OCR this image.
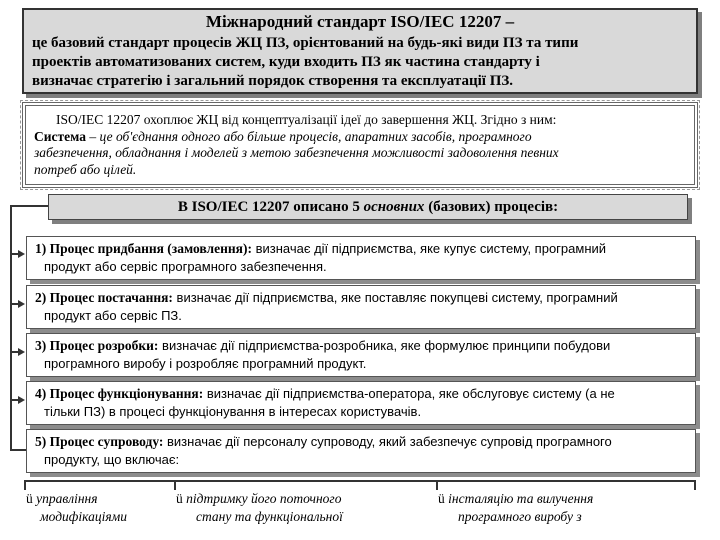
Міжнародний стандарт ISO/IEC 12207 –
це базовий стандарт процесів ЖЦ ПЗ, орієнтований на будь-які види ПЗ та типи
проектів автоматизованих систем, куди входить ПЗ як частина стандарту і
визначає стратегію і загальний порядок створення та експлуатації ПЗ.
ISO/IEC 12207 охоплює ЖЦ від концептуалізації ідеї до завершення ЖЦ. Згідно з ним:
Система – це об'єднання одного або більше процесів, апаратних засобів, програмного
забезпечення, обладнання і моделей з метою забезпечення можливості задоволення певних
потреб або цілей.
В ISO/IEC 12207 описано 5 основних (базових) процесів:
1) Процес придбання (замовлення): визначає дії підприємства, яке купує систему, програмний
продукт або сервіс програмного забезпечення.
2) Процес постачання: визначає дії підприємства, яке поставляє покупцеві систему, програмний
продукт або сервіс ПЗ.
3) Процес розробки: визначає дії підприємства-розробника, яке формулює принципи побудови
програмного виробу і розробляє програмний продукт.
4) Процес функціонування: визначає дії підприємства-оператора, яке обслуговує систему (а не
тільки ПЗ) в процесі функціонування в інтересах користувачів.
5) Процес супроводу: визначає дії персоналу супроводу, який забезпечує супровід програмного
продукту, що включає:
ü управління
модифікаціями
ü підтримку його поточного
стану та функціональної
ü інсталяцію та вилучення
програмного виробу з
